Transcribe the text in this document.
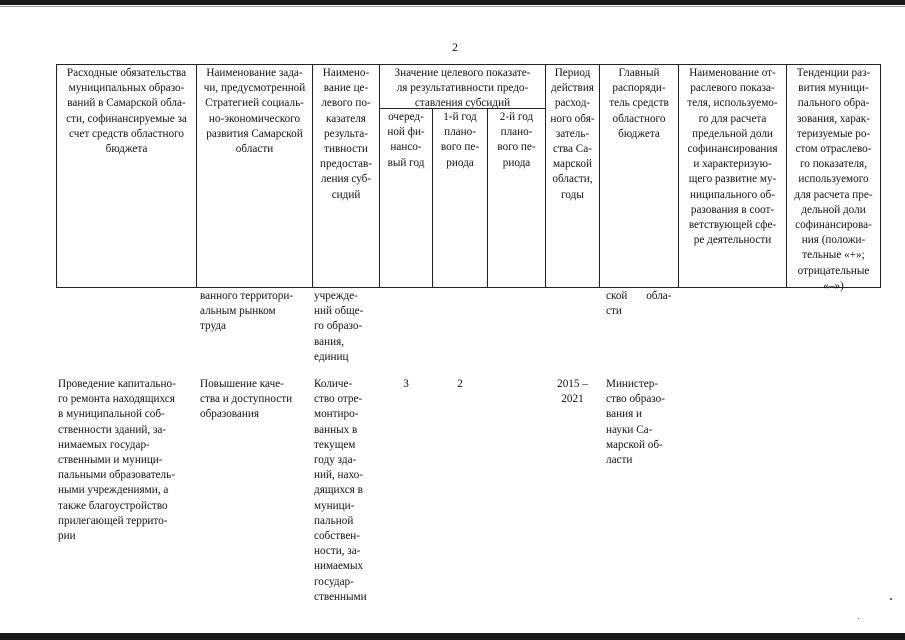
2
Расходные обязательства
муниципальных образо-
ваний в Самарской обла-
сти, софинансируемые за
счет средств областного
бюджета
Наименование зада-
чи, предусмотренной
Стратегией социаль-
но-экономического
развития Самарской
области
Наимено-
вание це-
левого по-
казателя
результа-
тивности
предостав-
ления суб-
сидий
Значение целевого показате-
ля результативности предо-
ставления субсидий
очеред-
ной фи-
нансо-
вый год
1-й год
плано-
вого пе-
риода
2-й год
плано-
вого пе-
риода
Период
действия
расход-
ного обя-
затель-
ства Са-
марской
области,
годы
Главный
распоряди-
тель средств
областного
бюджета
Наименование от-
раслевого показа-
теля, используемо-
го для расчета
предельной доли
софинансирования
и характеризую-
щего развитие му-
ниципального об-
разования в соот-
ветствующей сфе-
ре деятельности
Тенденции раз-
вития муници-
пального обра-
зования, харак-
теризуемые ро-
стом отраслево-
го показателя,
используемого
для расчета пре-
дельной доли
софинансирова-
ния (положи-
тельные «+»;
отрицательные
«–»)
ванного территори-
альным рынком
труда
учрежде-
ний обще-
го образо-
вания,
единиц
ской обла-
сти
Проведение капитально-
го ремонта находящихся
в муниципальной соб-
ственности зданий, за-
нимаемых государ-
ственными и муници-
пальными образователь-
ными учреждениями, а
также благоустройство
прилегающей террито-
рии
Повышение каче-
ства и доступности
образования
Количе-
ство отре-
монтиро-
ванных в
текущем
году зда-
ний, нахо-
дящихся в
муници-
пальной
собствен-
ности, за-
нимаемых
государ-
ственными
3	2	2015 –
2021
Министер-
ство образо-
вания и
науки Са-
марской об-
ласти
